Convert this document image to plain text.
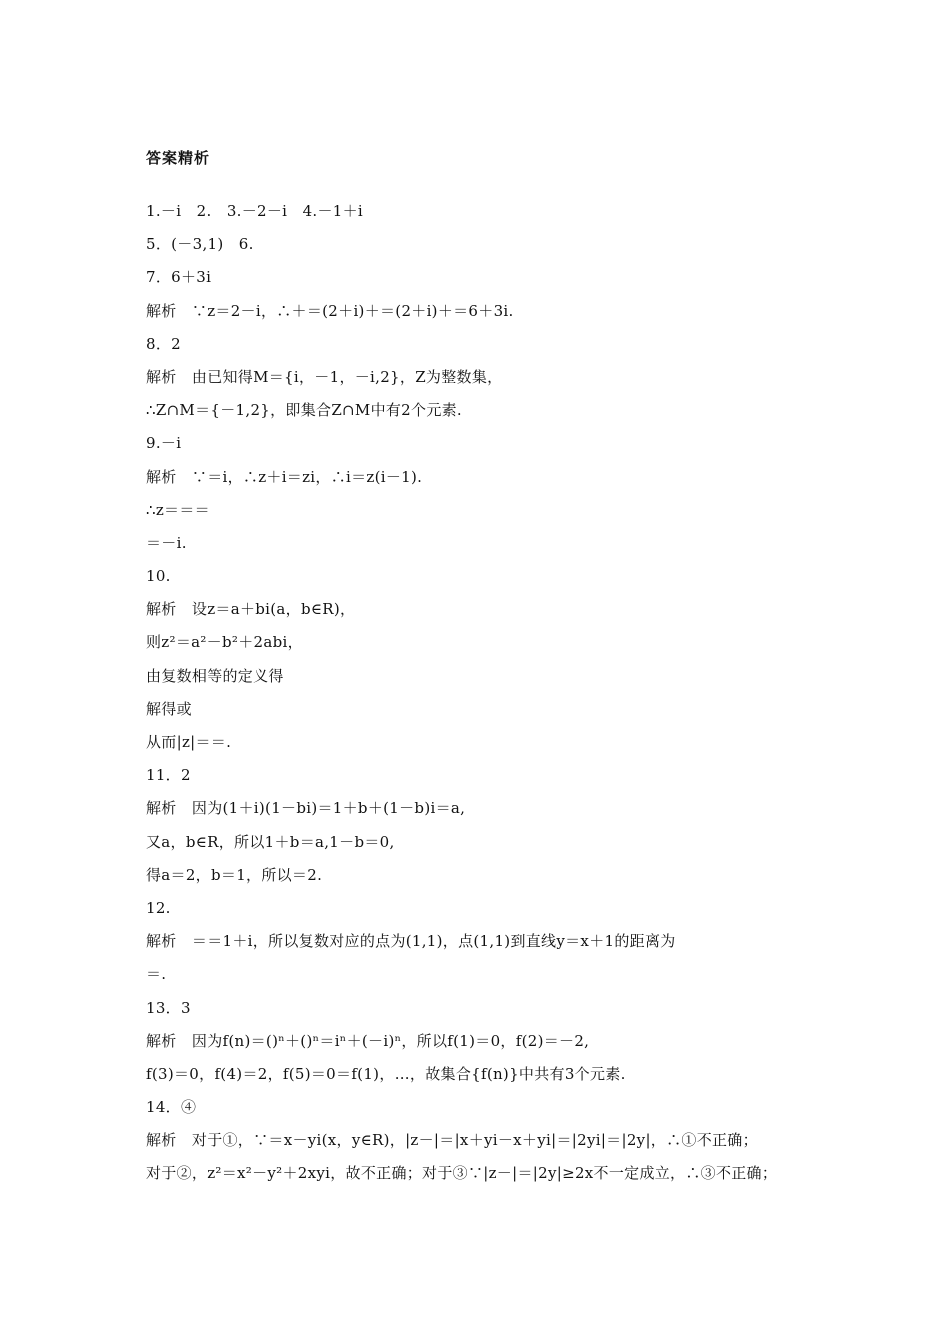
答案精析
1.－i　2.　3.－2－i　4.－1＋i
5．(－3,1)　6.
7．6＋3i
解析　∵z＝2－i，∴＋＝(2＋i)＋＝(2＋i)＋＝6＋3i.
8．2
解析　由已知得M＝{i，－1，－i,2}，Z为整数集，
∴Z∩M＝{－1,2}，即集合Z∩M中有2个元素.
9.－i
解析　∵＝i，∴z＋i＝zi，∴i＝z(i－1).
∴z＝＝＝
＝－i.
10.
解析　设z＝a＋bi(a，b∈R)，
则z²＝a²－b²＋2abi，
由复数相等的定义得
解得或
从而|z|＝＝.
11．2
解析　因为(1＋i)(1－bi)＝1＋b＋(1－b)i＝a,
又a，b∈R，所以1＋b＝a,1－b＝0,
得a＝2，b＝1，所以＝2.
12.
解析　＝＝1＋i，所以复数对应的点为(1,1)，点(1,1)到直线y＝x＋1的距离为
＝.
13．3
解析　因为f(n)＝()ⁿ＋()ⁿ＝iⁿ＋(－i)ⁿ，所以f(1)＝0，f(2)＝－2,
f(3)＝0，f(4)＝2，f(5)＝0＝f(1)，…，故集合{f(n)}中共有3个元素.
14．④
解析　对于①，∵＝x－yi(x，y∈R)，|z－|＝|x＋yi－x＋yi|＝|2yi|＝|2y|，∴①不正确；
对于②，z²＝x²－y²＋2xyi，故不正确；对于③∵|z－|＝|2y|≥2x不一定成立，∴③不正确；
